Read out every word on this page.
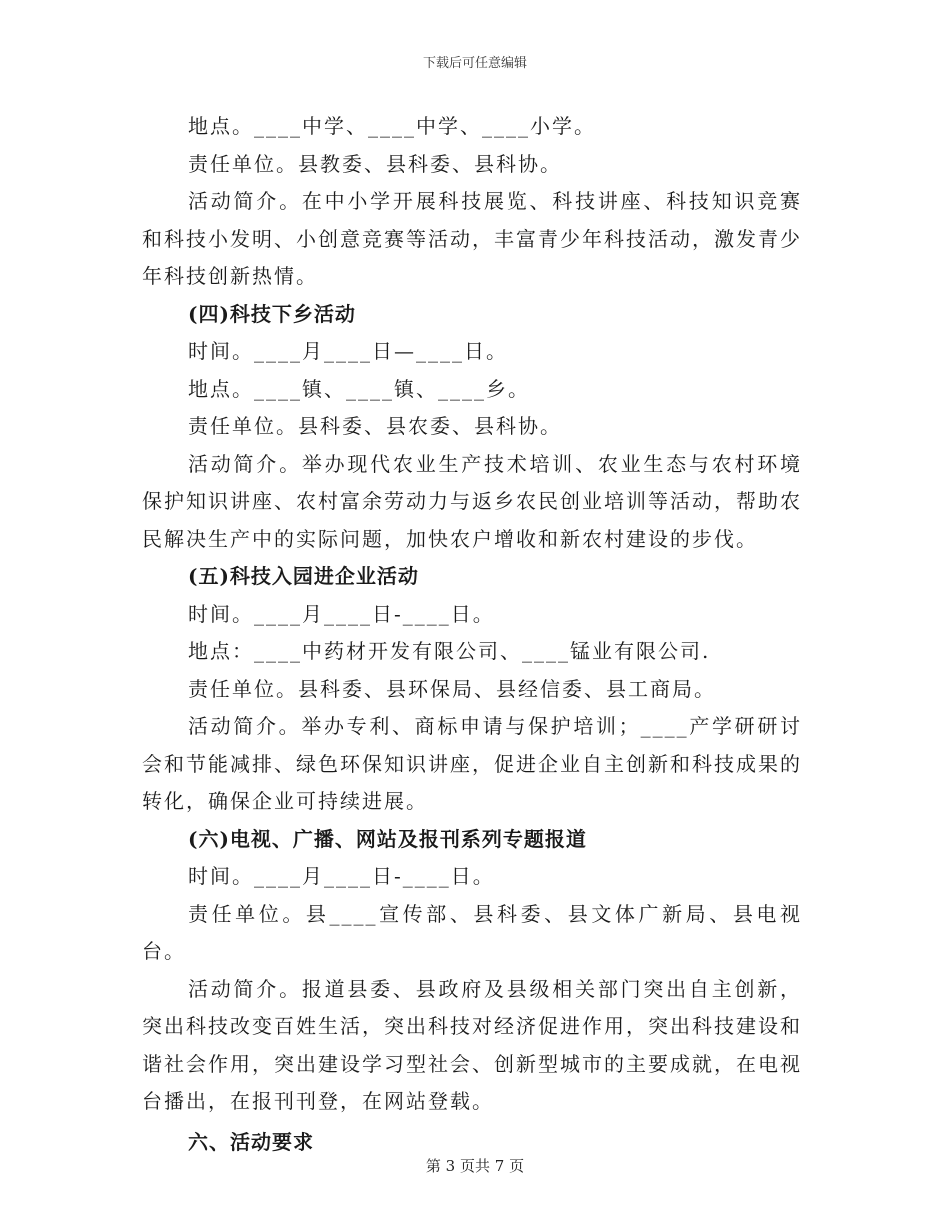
下载后可任意编辑

地点。____中学、____中学、____小学。

责任单位。县教委、县科委、县科协。

活动简介。在中小学开展科技展览、科技讲座、科技知识竞赛和科技小发明、小创意竞赛等活动，丰富青少年科技活动，激发青少年科技创新热情。

(四)科技下乡活动

时间。____月____日—____日。

地点。____镇、____镇、____乡。

责任单位。县科委、县农委、县科协。

活动简介。举办现代农业生产技术培训、农业生态与农村环境保护知识讲座、农村富余劳动力与返乡农民创业培训等活动，帮助农民解决生产中的实际问题，加快农户增收和新农村建设的步伐。

(五)科技入园进企业活动

时间。____月____日-____日。

地点：____中药材开发有限公司、____锰业有限公司.

责任单位。县科委、县环保局、县经信委、县工商局。

活动简介。举办专利、商标申请与保护培训；____产学研研讨会和节能减排、绿色环保知识讲座，促进企业自主创新和科技成果的转化，确保企业可持续进展。

(六)电视、广播、网站及报刊系列专题报道

时间。____月____日-____日。

责任单位。县____宣传部、县科委、县文体广新局、县电视台。

活动简介。报道县委、县政府及县级相关部门突出自主创新，突出科技改变百姓生活，突出科技对经济促进作用，突出科技建设和谐社会作用，突出建设学习型社会、创新型城市的主要成就，在电视台播出，在报刊刊登，在网站登载。

六、活动要求

第 3 页共 7 页
